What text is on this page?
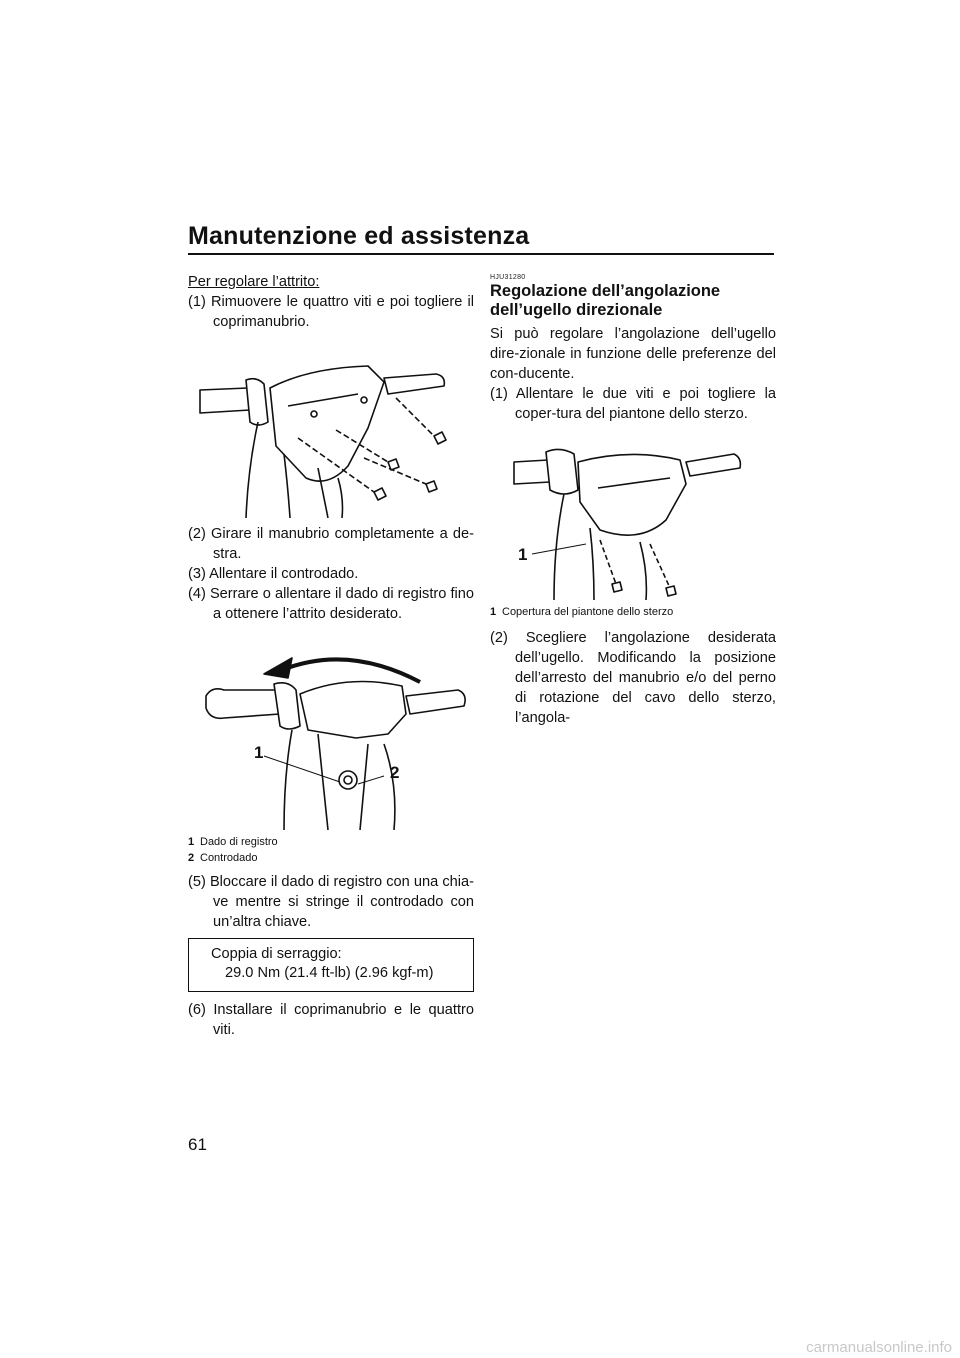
Manutenzione ed assistenza

Per regolare l’attrito:

(1) Rimuovere le quattro viti e poi togliere il coprimanubrio.

(2) Girare il manubrio completamente a de-stra.

(3) Allentare il controdado.

(4) Serrare o allentare il dado di registro fino a ottenere l’attrito desiderato.

1
2
1 Dado di registro
2 Controdado

(5) Bloccare il dado di registro con una chia-ve mentre si stringe il controdado con un’altra chiave.

Coppia di serraggio:
29.0 Nm (21.4 ft-lb) (2.96 kgf-m)

(6) Installare il coprimanubrio e le quattro viti.

HJU31280
Regolazione dell’angolazione dell’ugello direzionale

Si può regolare l’angolazione dell’ugello dire-zionale in funzione delle preferenze del con-ducente.

(1) Allentare le due viti e poi togliere la coper-tura del piantone dello sterzo.

1
1 Copertura del piantone dello sterzo

(2) Scegliere l’angolazione desiderata dell’ugello. Modificando la posizione dell’arresto del manubrio e/o del perno di rotazione del cavo dello sterzo, l’angola-

61
carmanualsonline.info
